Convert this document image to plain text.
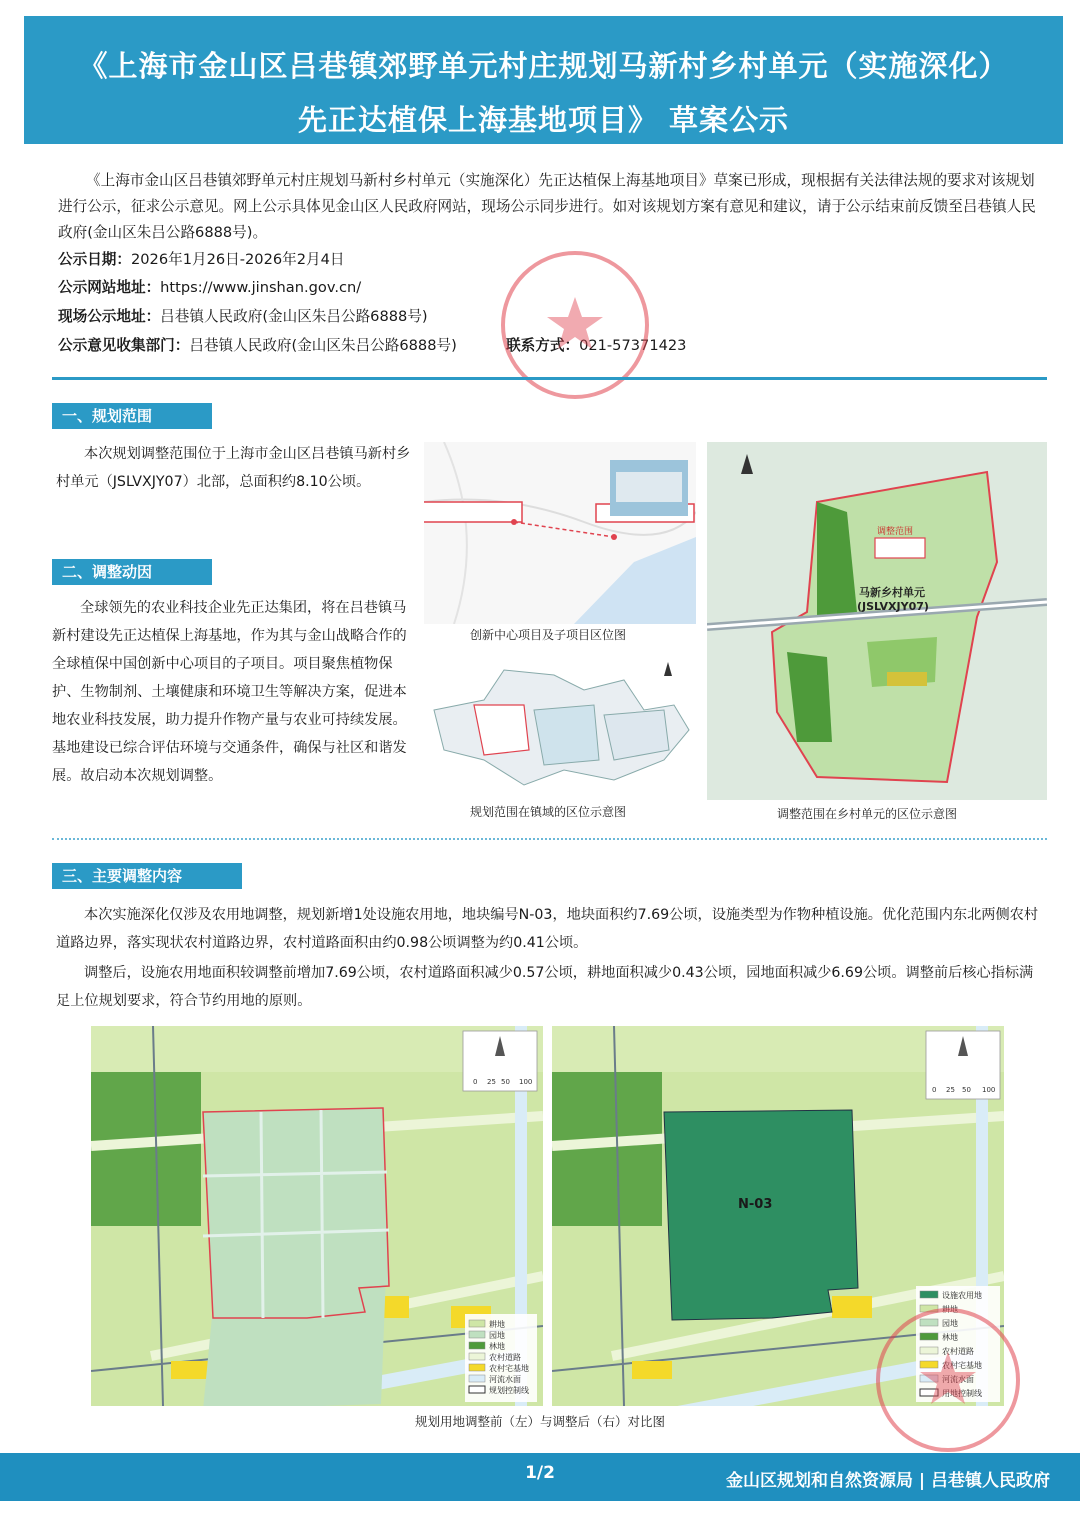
《上海市金山区吕巷镇郊野单元村庄规划马新村乡村单元（实施深化）
先正达植保上海基地项目》 草案公示
《上海市金山区吕巷镇郊野单元村庄规划马新村乡村单元（实施深化）先正达植保上海基地项目》草案已形成，现根据有关法律法规的要求对该规划进行公示，征求公示意见。网上公示具体见金山区人民政府网站，现场公示同步进行。如对该规划方案有意见和建议，请于公示结束前反馈至吕巷镇人民政府(金山区朱吕公路6888号)。
公示日期：2026年1月26日-2026年2月4日
公示网站地址：https://www.jinshan.gov.cn/
现场公示地址：吕巷镇人民政府(金山区朱吕公路6888号)
公示意见收集部门：吕巷镇人民政府(金山区朱吕公路6888号)	联系方式：021-57371423
一、规划范围
本次规划调整范围位于上海市金山区吕巷镇马新村乡村单元（JSLVXJY07）北部，总面积约8.10公顷。
二、调整动因
全球领先的农业科技企业先正达集团，将在吕巷镇马新村建设先正达植保上海基地，作为其与金山战略合作的全球植保中国创新中心项目的子项目。项目聚焦植物保护、生物制剂、土壤健康和环境卫生等解决方案，促进本地农业科技发展，助力提升作物产量与农业可持续发展。基地建设已综合评估环境与交通条件，确保与社区和谐发展。故启动本次规划调整。
创新中心项目及子项目区位图
规划范围在镇域的区位示意图
马新乡村单元
(JSLVXJY07)
调整范围
调整范围在乡村单元的区位示意图
三、主要调整内容
本次实施深化仅涉及农用地调整，规划新增1处设施农用地，地块编号N-03，地块面积约7.69公顷，设施类型为作物种植设施。优化范围内东北两侧农村道路边界，落实现状农村道路边界，农村道路面积由约0.98公顷调整为约0.41公顷。
调整后，设施农用地面积较调整前增加7.69公顷，农村道路面积减少0.57公顷，耕地面积减少0.43公顷，园地面积减少6.69公顷。调整前后核心指标满足上位规划要求，符合节约用地的原则。
0 25 50 100
耕地
园地
林地
农村道路
农村宅基地
河流水面
规划控制线
N-03
0 25 50 100
设施农用地
耕地
园地
林地
农村道路
农村宅基地
河流水面
用地控制线
规划用地调整前（左）与调整后（右）对比图
1/2	金山区规划和自然资源局 | 吕巷镇人民政府
